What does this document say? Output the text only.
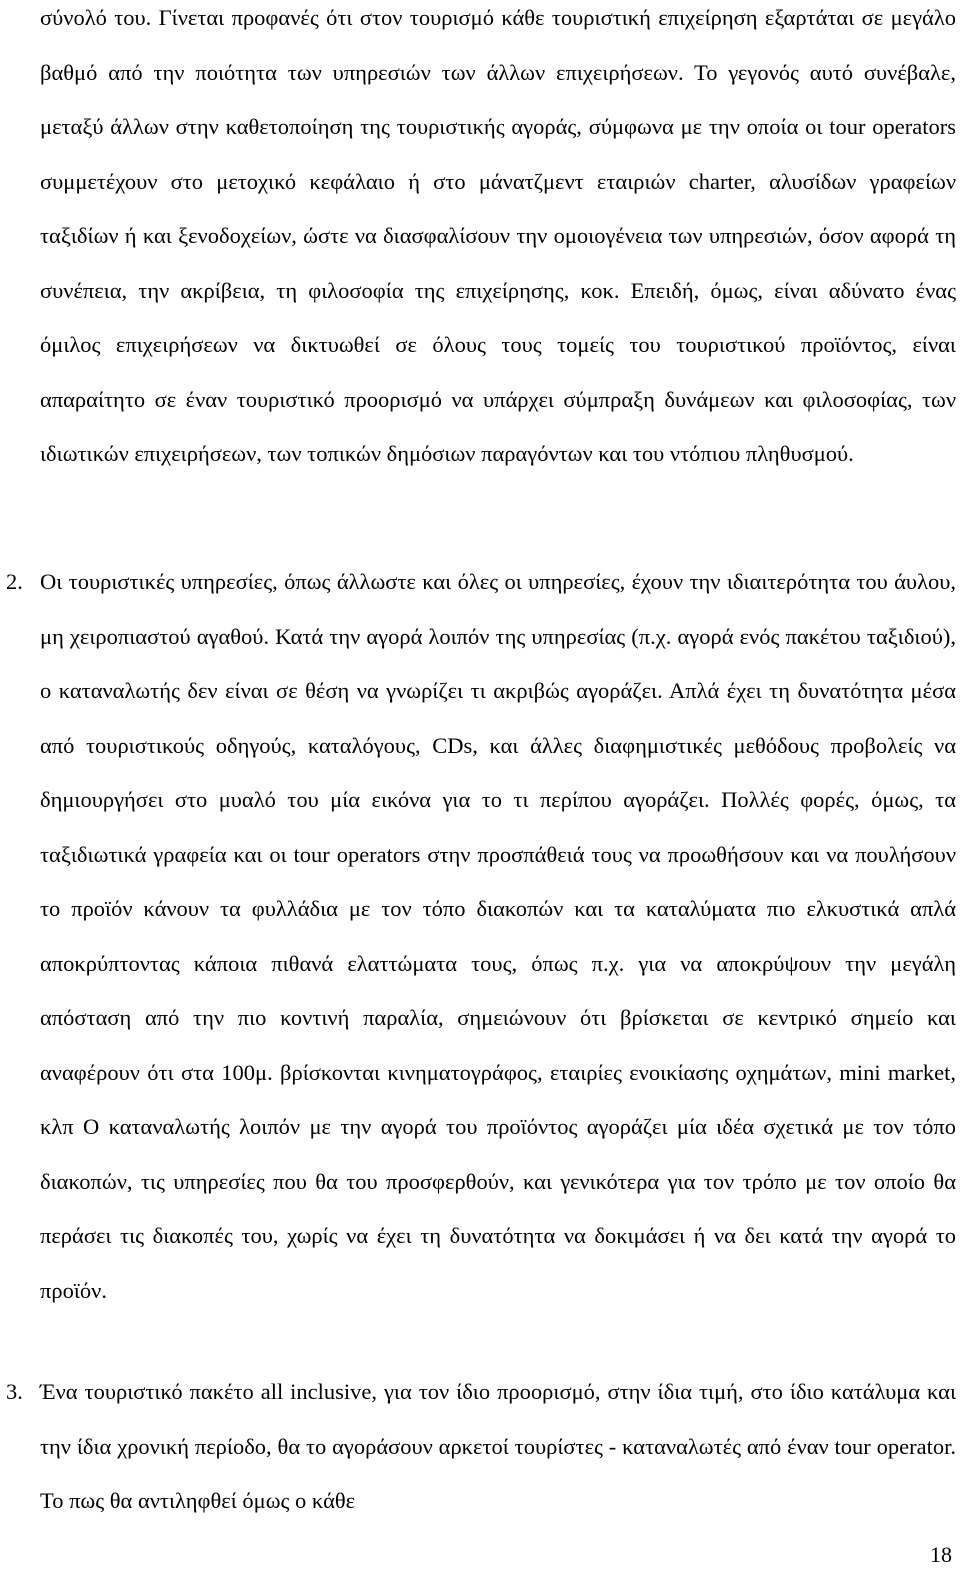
σύνολό του. Γίνεται προφανές ότι στον τουρισμό κάθε τουριστική επιχείρηση εξαρτάται σε μεγάλο βαθμό από την ποιότητα των υπηρεσιών των άλλων επιχειρήσεων. Το γεγονός αυτό συνέβαλε, μεταξύ άλλων στην καθετοποίηση της τουριστικής αγοράς, σύμφωνα με την οποία οι tour operators συμμετέχουν στο μετοχικό κεφάλαιο ή στο μάνατζμεντ εταιριών charter, αλυσίδων γραφείων ταξιδίων ή και ξενοδοχείων, ώστε να διασφαλίσουν την ομοιογένεια των υπηρεσιών, όσον αφορά τη συνέπεια, την ακρίβεια, τη φιλοσοφία της επιχείρησης, κοκ. Επειδή, όμως, είναι αδύνατο ένας όμιλος επιχειρήσεων να δικτυωθεί σε όλους τους τομείς του τουριστικού προϊόντος, είναι απαραίτητο σε έναν τουριστικό προορισμό να υπάρχει σύμπραξη δυνάμεων και φιλοσοφίας, των ιδιωτικών επιχειρήσεων, των τοπικών δημόσιων παραγόντων και του ντόπιου πληθυσμού.

2. Οι τουριστικές υπηρεσίες, όπως άλλωστε και όλες οι υπηρεσίες, έχουν την ιδιαιτερότητα του άυλου, μη χειροπιαστού αγαθού. Κατά την αγορά λοιπόν της υπηρεσίας (π.χ. αγορά ενός πακέτου ταξιδιού), ο καταναλωτής δεν είναι σε θέση να γνωρίζει τι ακριβώς αγοράζει. Απλά έχει τη δυνατότητα μέσα από τουριστικούς οδηγούς, καταλόγους, CDs, και άλλες διαφημιστικές μεθόδους προβολείς να δημιουργήσει στο μυαλό του μία εικόνα για το τι περίπου αγοράζει. Πολλές φορές, όμως, τα ταξιδιωτικά γραφεία και οι tour operators στην προσπάθειά τους να προωθήσουν και να πουλήσουν το προϊόν κάνουν τα φυλλάδια με τον τόπο διακοπών και τα καταλύματα πιο ελκυστικά απλά αποκρύπτοντας κάποια πιθανά ελαττώματα τους, όπως π.χ. για να αποκρύψουν την μεγάλη απόσταση από την πιο κοντινή παραλία, σημειώνουν ότι βρίσκεται σε κεντρικό σημείο και αναφέρουν ότι στα 100μ. βρίσκονται κινηματογράφος, εταιρίες ενοικίασης οχημάτων, mini market, κλπ Ο καταναλωτής λοιπόν με την αγορά του προϊόντος αγοράζει μία ιδέα σχετικά με τον τόπο διακοπών, τις υπηρεσίες που θα του προσφερθούν, και γενικότερα για τον τρόπο με τον οποίο θα περάσει τις διακοπές του, χωρίς να έχει τη δυνατότητα να δοκιμάσει ή να δει κατά την αγορά το προϊόν.
3. Ένα τουριστικό πακέτο all inclusive, για τον ίδιο προορισμό, στην ίδια τιμή, στο ίδιο κατάλυμα και την ίδια χρονική περίοδο, θα το αγοράσουν αρκετοί τουρίστες - καταναλωτές από έναν tour operator. Το πως θα αντιληφθεί όμως ο κάθε
18
